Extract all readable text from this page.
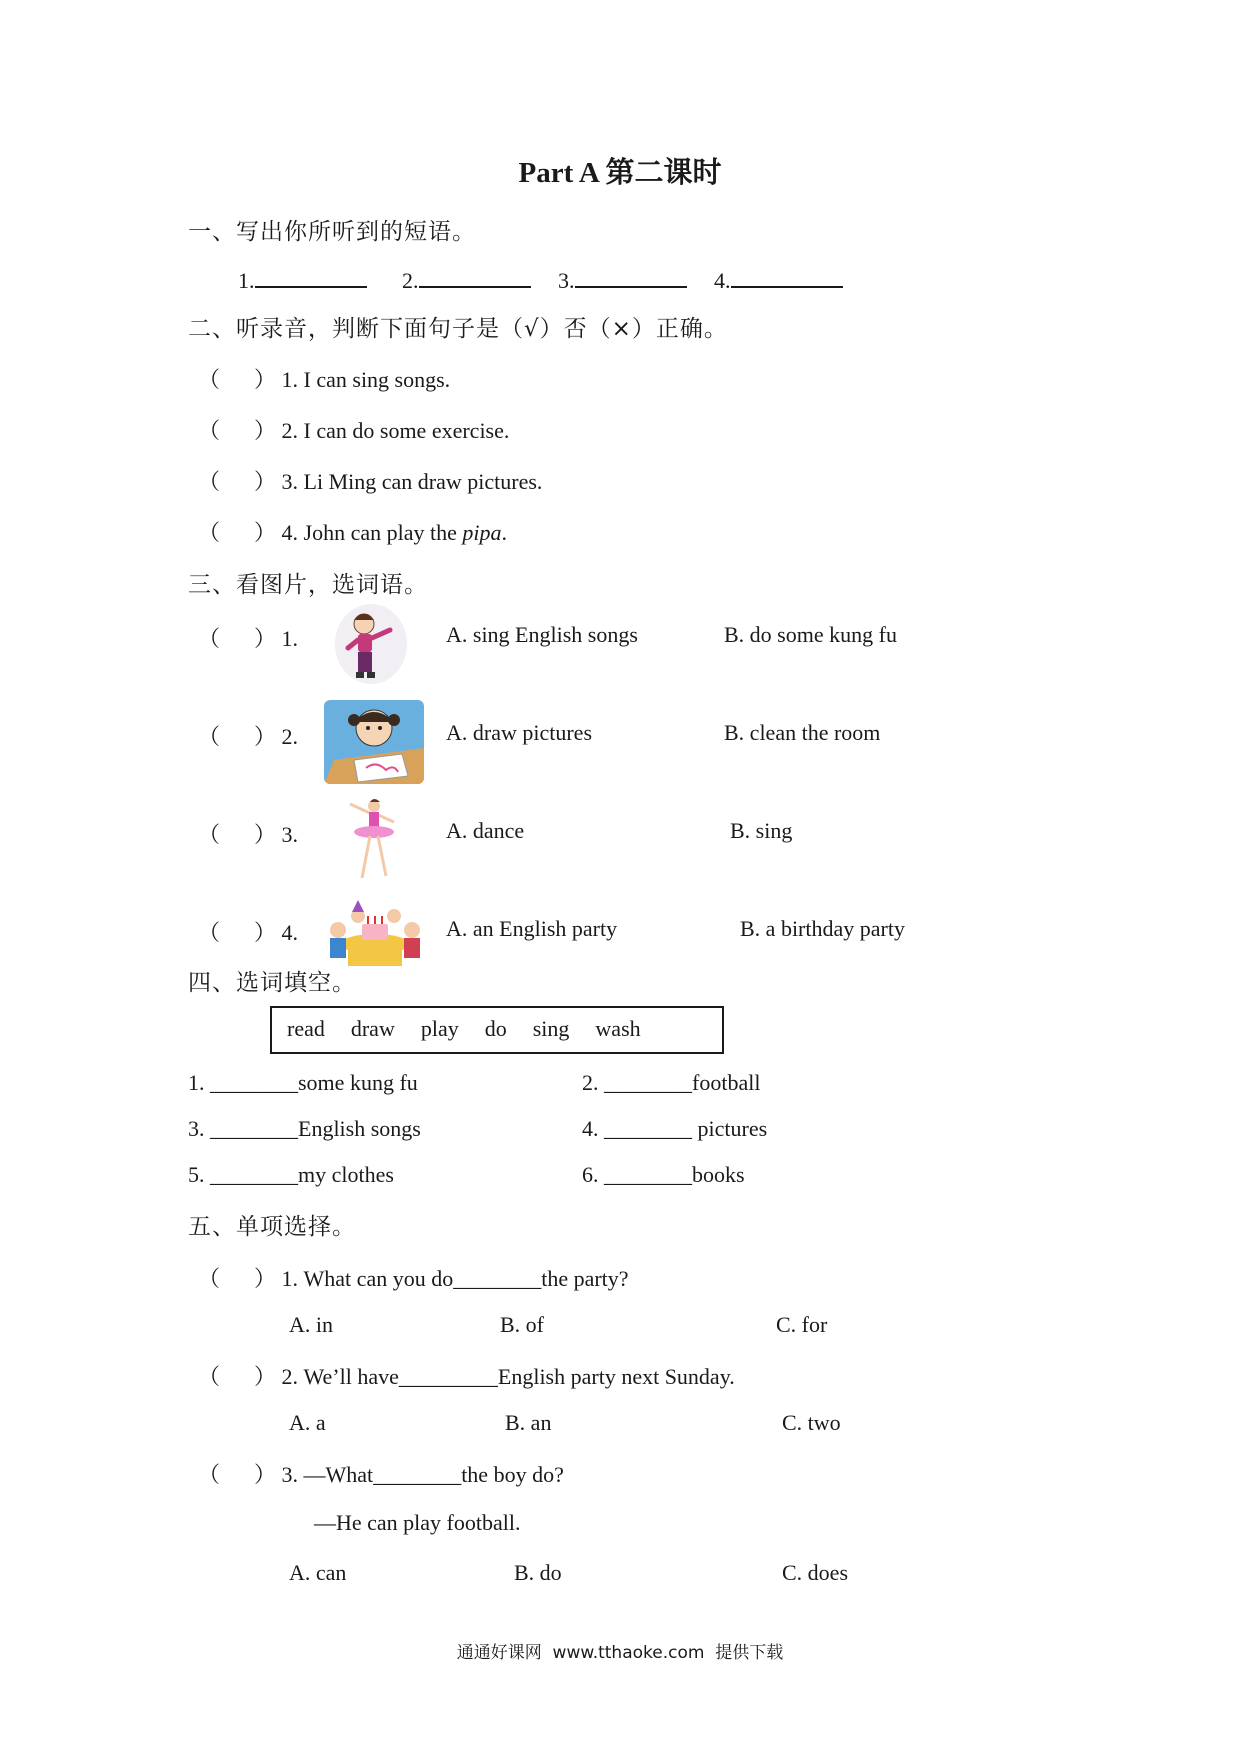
Part A 第二课时
一、写出你所听到的短语。
1.	2.	3.	4.
二、听录音，判断下面句子是（√）否（×）正确。
（ ） 1. I can sing songs.
（ ） 2. I can do some exercise.
（ ） 3. Li Ming can draw pictures.
（ ） 4. John can play the pipa.
三、看图片，选词语。
（ ） 1.	A. sing English songs	B. do some kung fu
（ ） 2.	A. draw pictures	B. clean the room
（ ） 3.	A. dance	B. sing
（ ） 4.	A. an English party	B. a birthday party
四、选词填空。
read draw play do sing wash
1. ________some kung fu	2. ________football
3. ________English songs	4. ________ pictures
5. ________my clothes	6. ________books
五、单项选择。
（ ） 1. What can you do________the party?
A. in	B. of	C. for
（ ） 2. We’ll have_________English party next Sunday.
A. a	B. an	C. two
（ ） 3. —What________the boy do?
—He can play football.
A. can	B. do	C. does
通通好课网  www.tthaoke.com  提供下载
